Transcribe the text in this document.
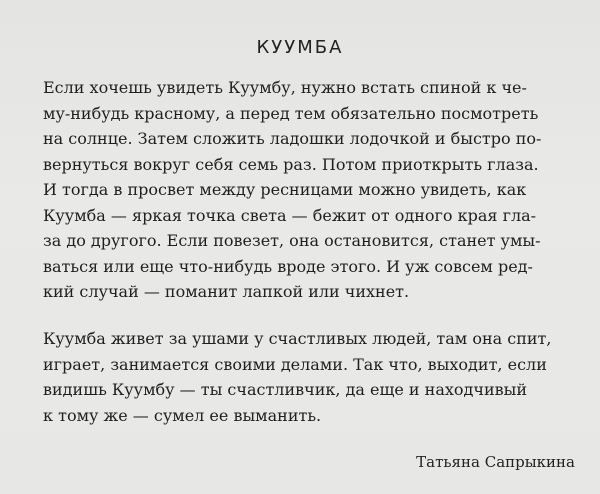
КУУМБА
Если хочешь увидеть Куумбу, нужно встать спиной к че-
му-нибудь красному, а перед тем обязательно посмотреть
на солнце. Затем сложить ладошки лодочкой и быстро по-
вернуться вокруг себя семь раз. Потом приоткрыть глаза.
И тогда в просвет между ресницами можно увидеть, как
Куумба — яркая точка света — бежит от одного края гла-
за до другого. Если повезет, она остановится, станет умы-
ваться или еще что-нибудь вроде этого. И уж совсем ред-
кий случай — поманит лапкой или чихнет.
Куумба живет за ушами у счастливых людей, там она спит,
играет, занимается своими делами. Так что, выходит, если
видишь Куумбу — ты счастливчик, да еще и находчивый
к тому же — сумел ее выманить.
Татьяна Сапрыкина
